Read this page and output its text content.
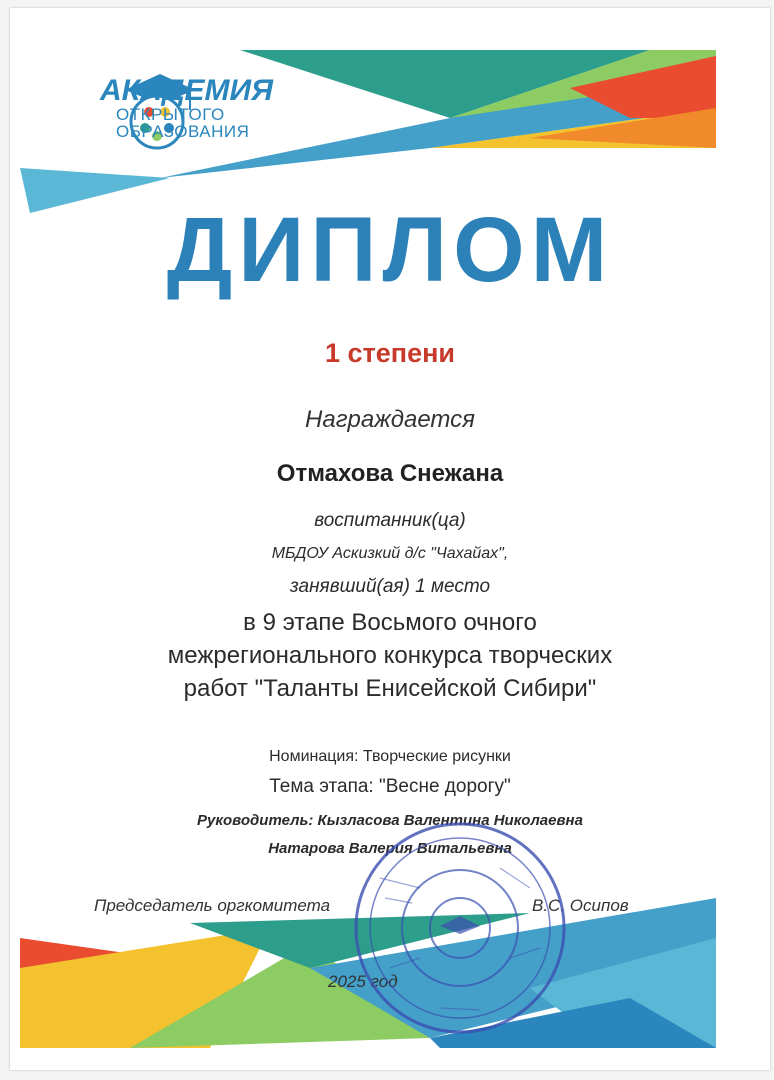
АКАДЕМИЯ
ОТКРЫТОГО
ОБРАЗОВАНИЯ
ДИПЛОМ
1 степени
Награждается
Отмахова Снежана
воспитанник(ца)
МБДОУ Аскизкий д/с "Чахайах",
занявший(ая) 1 место
в 9 этапе Восьмого очного
межрегионального конкурса творческих
работ "Таланты Енисейской Сибири"
Номинация: Творческие рисунки
Тема этапа: "Весне дорогу"
Руководитель: Кызласова Валентина Николаевна
Натарова Валерия Витальевна
Председатель оргкомитета	В.С. Осипов
2025 год
